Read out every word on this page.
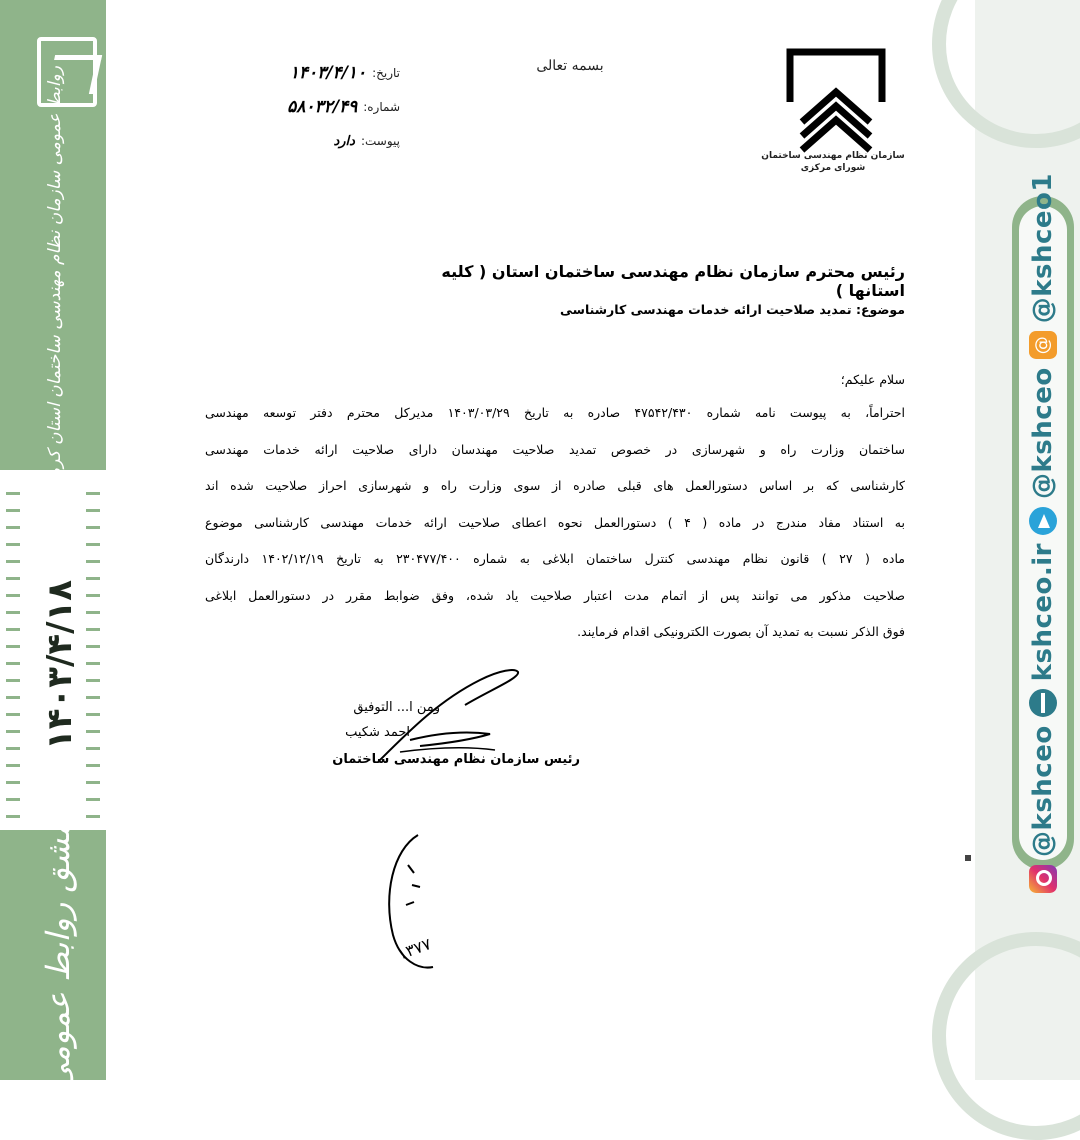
روابط عمومی سازمان نظام مهندسی ساختمان استان کرمانشاه
۱۴۰۳/۴/۱۸
مشق روابط عمومی
سازمان نظام مهندسی ساختمان
شورای مرکزی
بسمه تعالی
تاریخ:
۱۴۰۳/۴/۱۰
شماره:
۵۸۰۳۲/۴۹
پیوست:
دارد
رئیس محترم سازمان نظام مهندسی ساختمان استان ( کلیه استانها )
موضوع: تمدید صلاحیت ارائه خدمات مهندسی کارشناسی
سلام علیکم؛
احتراماً، به پیوست نامه شماره ۴۷۵۴۲/۴۳۰ صادره به تاریخ ۱۴۰۳/۰۳/۲۹ مدیرکل محترم دفتر توسعه مهندسی
ساختمان وزارت راه و شهرسازی در خصوص تمدید صلاحیت مهندسان دارای صلاحیت ارائه خدمات مهندسی
کارشناسی که بر اساس دستورالعمل های قبلی صادره از سوی وزارت راه و شهرسازی احراز صلاحیت شده اند
به استناد مفاد مندرج در ماده ( ۴ ) دستورالعمل نحوه اعطای صلاحیت ارائه خدمات مهندسی کارشناسی موضوع
ماده ( ۲۷ ) قانون نظام مهندسی کنترل ساختمان ابلاغی به شماره ۲۳۰۴۷۷/۴۰۰ به تاریخ ۱۴۰۲/۱۲/۱۹ دارندگان
صلاحیت مذکور می توانند پس از اتمام مدت اعتبار صلاحیت یاد شده، وفق ضوابط مقرر در دستورالعمل ابلاغی
فوق الذکر نسبت به تمدید آن بصورت الکترونیکی اقدام فرمایند.
ومن ا... التوفیق
احمد شکیب
رئیس سازمان نظام مهندسی ساختمان
۱۳۷۷
@kshceo
kshceo.ir
@kshceo
@
@kshceo1
